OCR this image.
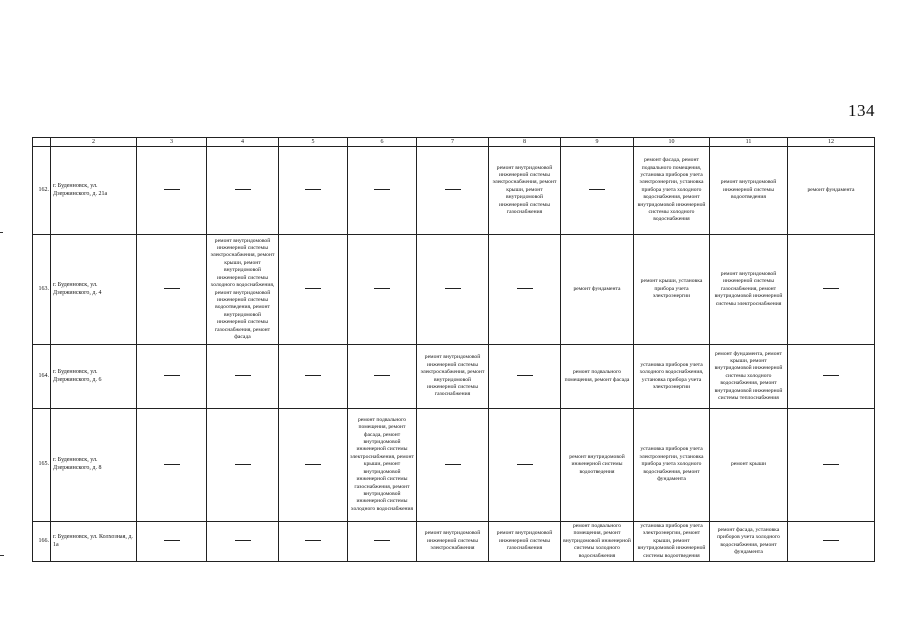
134
	2	3	4	5	6	7	8	9	10	11	12
162.	г. Буденновск, ул. Дзержинского, д. 21а						ремонт внутридомовой инженерной системы электроснабжения, ремонт крыши, ремонт внутридомовой инженерной системы газоснабжения		ремонт фасада, ремонт подвального помещения, установка приборов учета электроэнергии, установка прибора учета холодного водоснабжения, ремонт внутридомовой инженерной системы холодного водоснабжения	ремонт внутридомовой инженерной системы водоотведения	ремонт фундамента
163.	г. Буденновск, ул. Дзержинского, д. 4		ремонт внутридомовой инженерной системы электроснабжения, ремонт крыши, ремонт внутридомовой инженерной системы холодного водоснабжения, ремонт внутридомовой инженерной системы водоотведения, ремонт внутридомовой инженерной системы газоснабжения, ремонт фасада					ремонт фундамента	ремонт крыши, установка прибора учета электроэнергии	ремонт внутридомовой инженерной системы газоснабжения, ремонт внутридомовой инженерной системы электроснабжения	
164.	г. Буденновск, ул. Дзержинского, д. 6					ремонт внутридомовой инженерной системы электроснабжения, ремонт внутридомовой инженерной системы газоснабжения		ремонт подвального помещения, ремонт фасада	установка приборов учета холодного водоснабжения, установка прибора учета электроэнергии	ремонт фундамента, ремонт крыши, ремонт внутридомовой инженерной системы холодного водоснабжения, ремонт внутридомовой инженерной системы теплоснабжения	
165.	г. Буденновск, ул. Дзержинского, д. 8				ремонт подвального помещения, ремонт фасада, ремонт внутридомовой инженерной системы электроснабжения, ремонт крыши, ремонт внутридомовой инженерной системы газоснабжения, ремонт внутридомовой инженерной системы холодного водоснабжения			ремонт внутридомовой инженерной системы водоотведения	установка приборов учета электроэнергии, установка прибора учета холодного водоснабжения, ремонт фундамента	ремонт крыши	
166.	г. Буденновск, ул. Колхозная, д. 1а					ремонт внутридомовой инженерной системы электроснабжения	ремонт внутридомовой инженерной системы газоснабжения	ремонт подвального помещения, ремонт внутридомовой инженерной системы холодного водоснабжения	установка приборов учета электроэнергии, ремонт крыши, ремонт внутридомовой инженерной системы водоотведения	ремонт фасада, установка приборов учета холодного водоснабжения, ремонт фундамента	
